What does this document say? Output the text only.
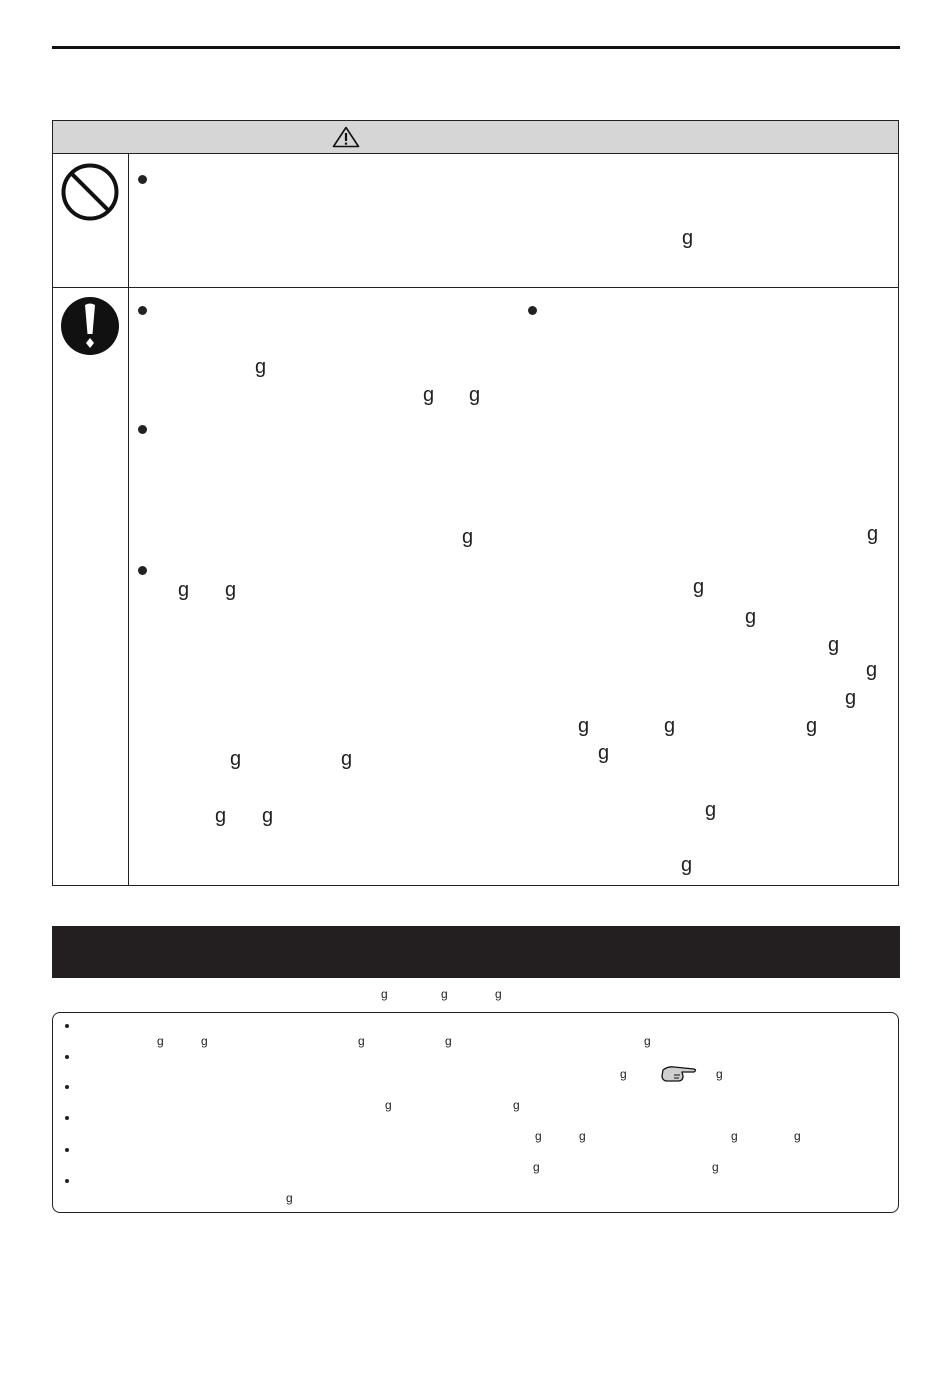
g
g
g g
g	g
g g	g
g
g
g
g
g	g	g
g
g	g
g
g g
g
g	g	g
g	g	g	g	g
g	g
g	g
g	g	g	g
g	g
g
